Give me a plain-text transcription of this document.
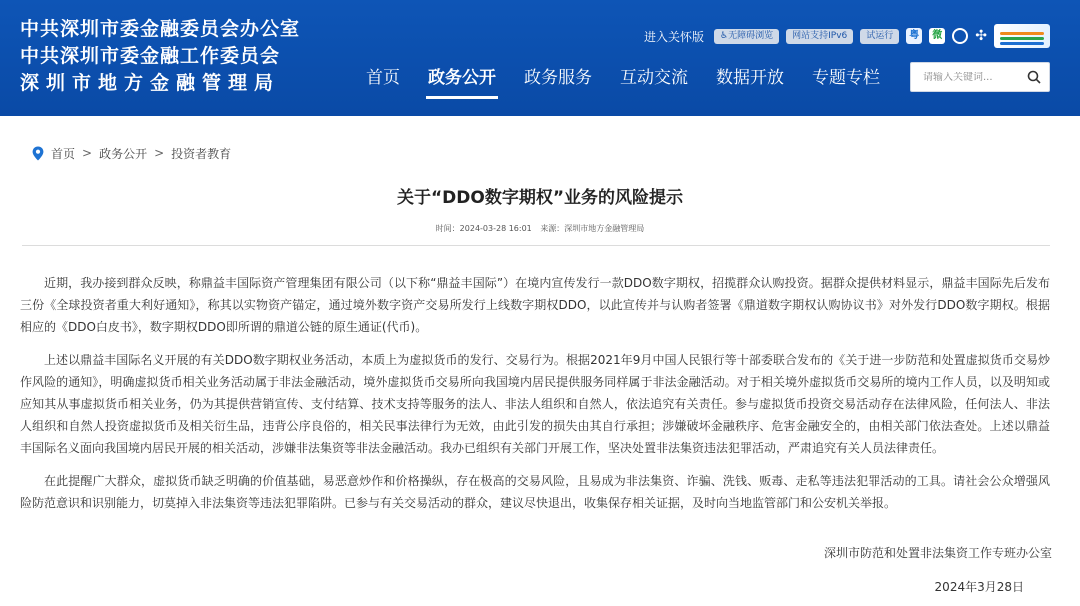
中共深圳市委金融委员会办公室
中共深圳市委金融工作委员会
深圳市地方金融管理局
进入关怀版	♿无障碍浏览	网站支持IPv6	试运行	粤	微 ✣
首页	政务公开	政务服务	互动交流	数据开放	专题专栏
请输入关键词...
首页 > 政务公开 > 投资者教育
关于“DDO数字期权”业务的风险提示
时间：2024-03-28 16:01 来源：深圳市地方金融管理局

近期，我办接到群众反映，称鼎益丰国际资产管理集团有限公司（以下称“鼎益丰国际”）在境内宣传发行一款DDO数字期权，招揽群众认购投资。据群众提供材料显示，鼎益丰国际先后发布三份《全球投资者重大利好通知》，称其以实物资产锚定，通过境外数字资产交易所发行上线数字期权DDO，以此宣传并与认购者签署《鼎道数字期权认购协议书》对外发行DDO数字期权。根据相应的《DDO白皮书》，数字期权DDO即所谓的鼎道公链的原生通证(代币)。

上述以鼎益丰国际名义开展的有关DDO数字期权业务活动，本质上为虚拟货币的发行、交易行为。根据2021年9月中国人民银行等十部委联合发布的《关于进一步防范和处置虚拟货币交易炒作风险的通知》，明确虚拟货币相关业务活动属于非法金融活动，境外虚拟货币交易所向我国境内居民提供服务同样属于非法金融活动。对于相关境外虚拟货币交易所的境内工作人员，以及明知或应知其从事虚拟货币相关业务，仍为其提供营销宣传、支付结算、技术支持等服务的法人、非法人组织和自然人，依法追究有关责任。参与虚拟货币投资交易活动存在法律风险，任何法人、非法人组织和自然人投资虚拟货币及相关衍生品，违背公序良俗的，相关民事法律行为无效，由此引发的损失由其自行承担；涉嫌破坏金融秩序、危害金融安全的，由相关部门依法查处。上述以鼎益丰国际名义面向我国境内居民开展的相关活动，涉嫌非法集资等非法金融活动。我办已组织有关部门开展工作，坚决处置非法集资违法犯罪活动，严肃追究有关人员法律责任。

在此提醒广大群众，虚拟货币缺乏明确的价值基础，易恶意炒作和价格操纵，存在极高的交易风险，且易成为非法集资、诈骗、洗钱、贩毒、走私等违法犯罪活动的工具。请社会公众增强风险防范意识和识别能力，切莫掉入非法集资等违法犯罪陷阱。已参与有关交易活动的群众，建议尽快退出，收集保存相关证据，及时向当地监管部门和公安机关举报。

深圳市防范和处置非法集资工作专班办公室
2024年3月28日
